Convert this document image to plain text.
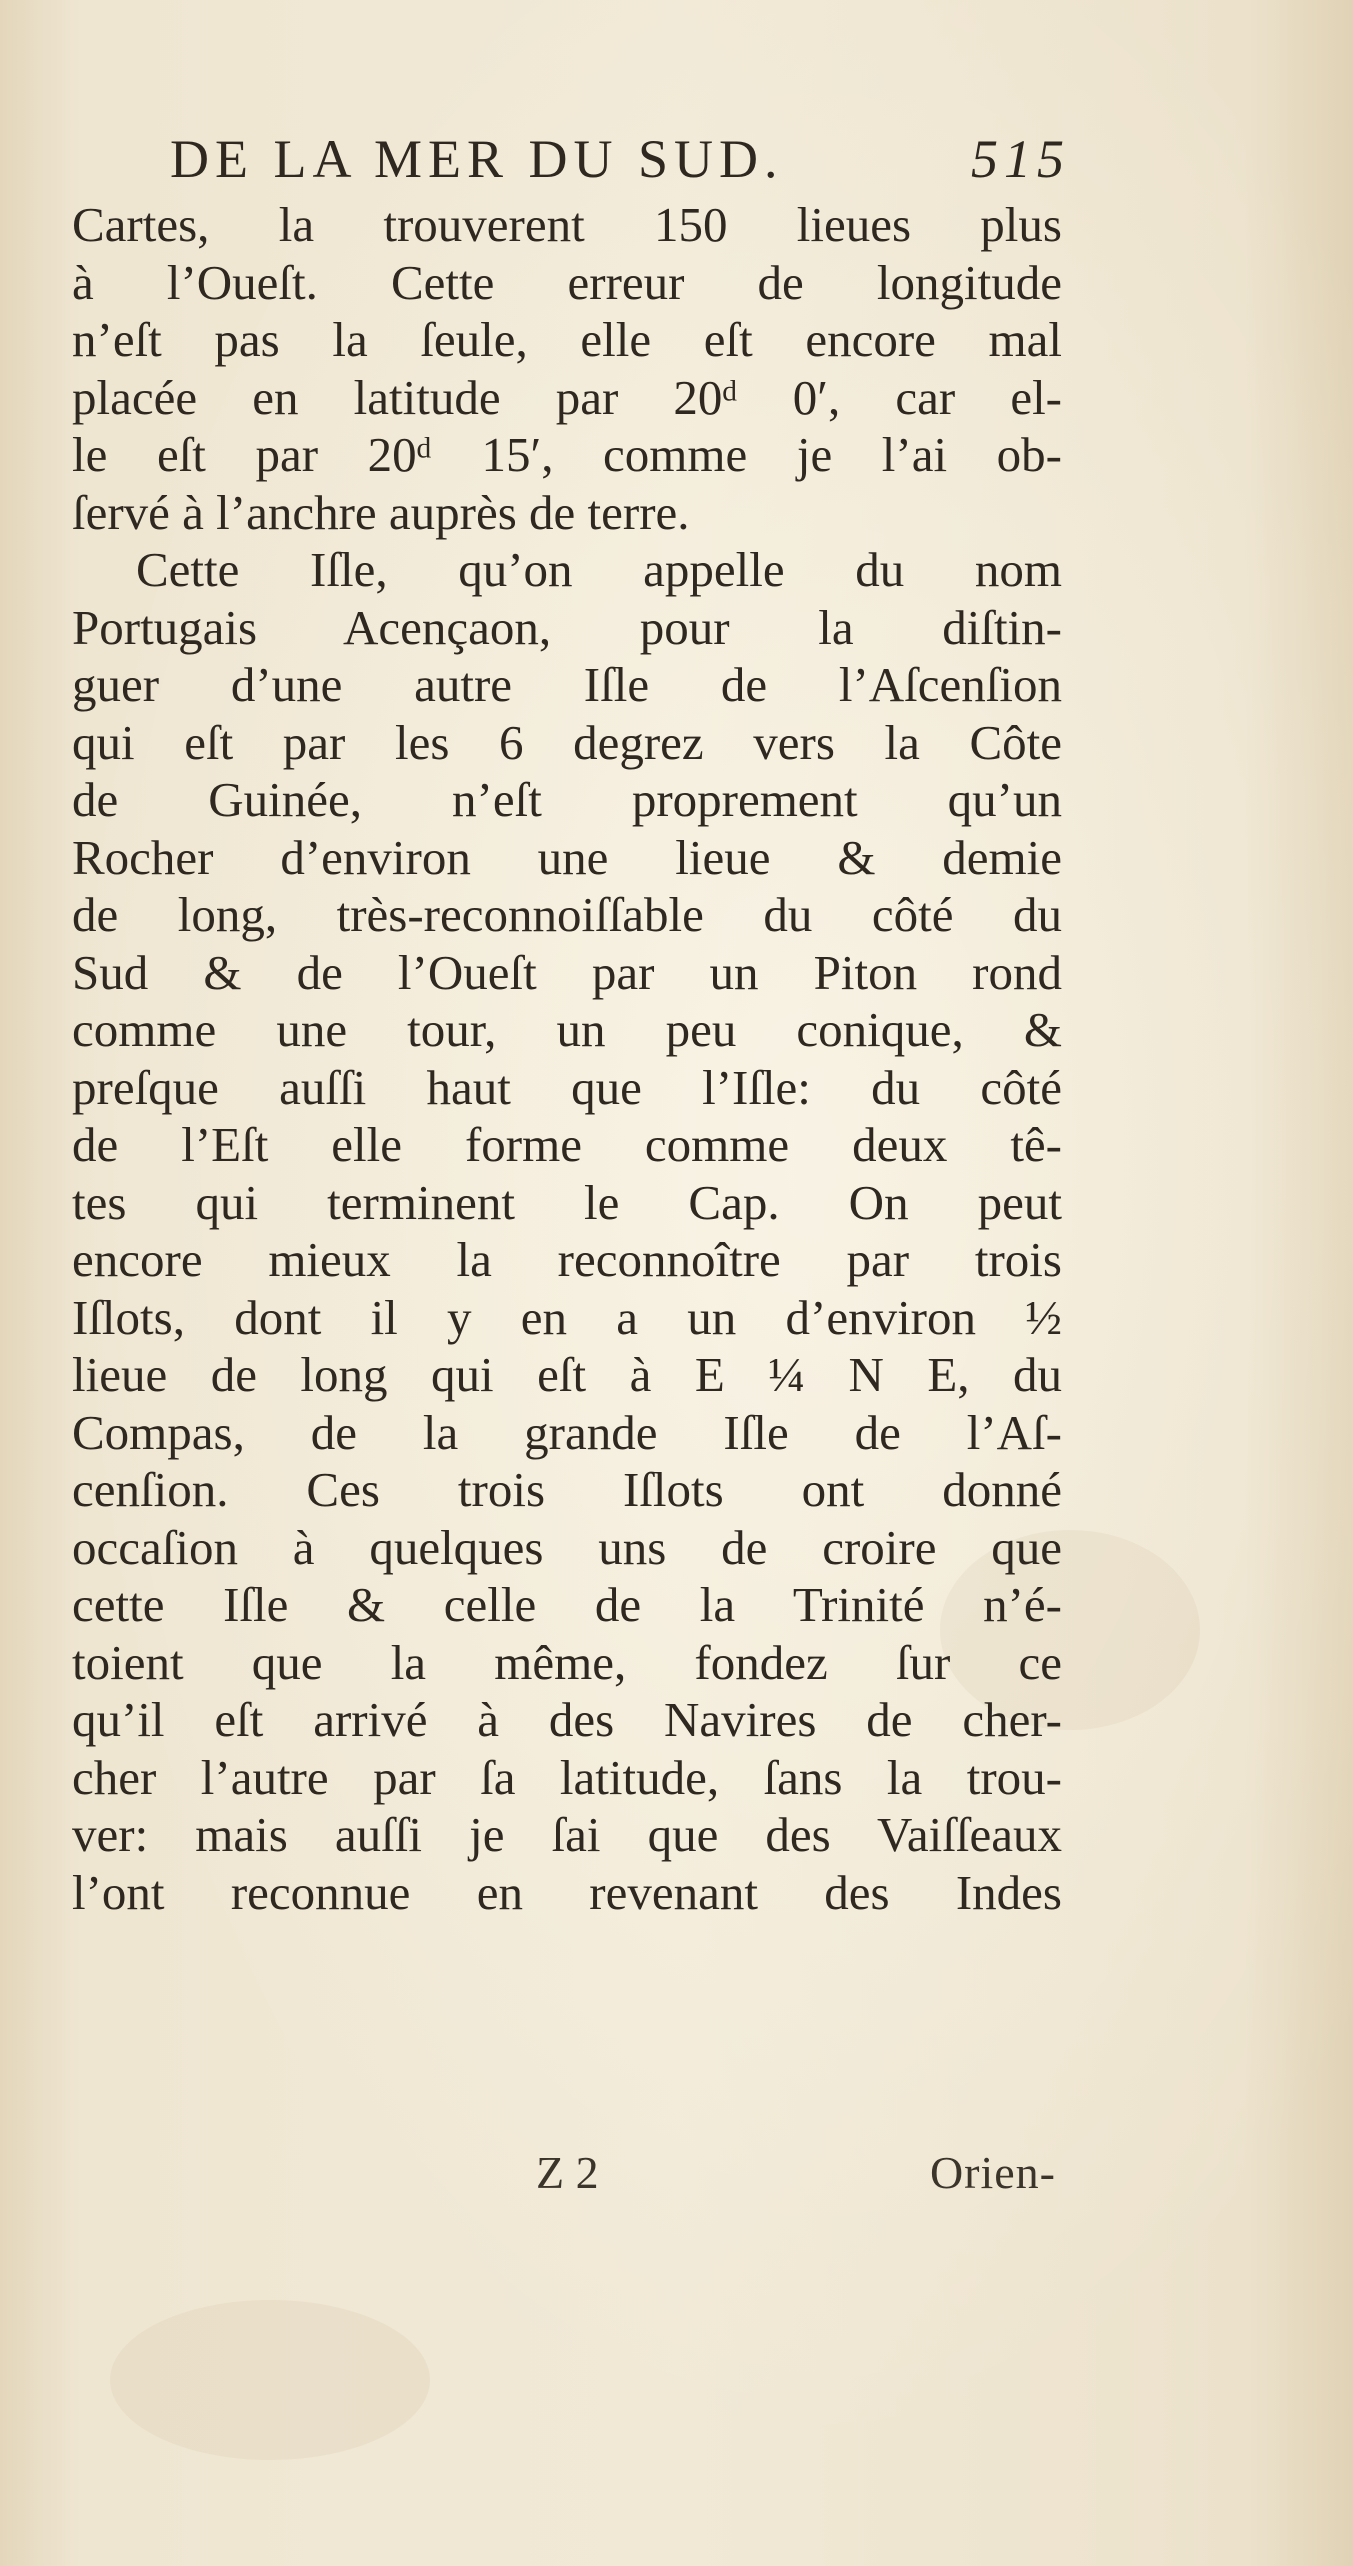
DE LA MER DU SUD.	515
Cartes, la trouverent 150 lieues plus
à l’Oueſt. Cette erreur de longitude
n’eſt pas la ſeule, elle eſt encore mal
placée en latitude par 20ᵈ 0′, car el-
le eſt par 20ᵈ 15′, comme je l’ai ob-
ſervé à l’anchre auprès de terre.
Cette Iſle, qu’on appelle du nom
Portugais Acençaon, pour la diſtin-
guer d’une autre Iſle de l’Aſcenſion
qui eſt par les 6 degrez vers la Côte
de Guinée, n’eſt proprement qu’un
Rocher d’environ une lieue & demie
de long, très-reconnoiſſable du côté du
Sud & de l’Oueſt par un Piton rond
comme une tour, un peu conique, &
preſque auſſi haut que l’Iſle: du côté
de l’Eſt elle forme comme deux tê-
tes qui terminent le Cap. On peut
encore mieux la reconnoître par trois
Iſlots, dont il y en a un d’environ ½
lieue de long qui eſt à E ¼ N E, du
Compas, de la grande Iſle de l’Aſ-
cenſion. Ces trois Iſlots ont donné
occaſion à quelques uns de croire que
cette Iſle & celle de la Trinité n’é-
toient que la même, fondez ſur ce
qu’il eſt arrivé à des Navires de cher-
cher l’autre par ſa latitude, ſans la trou-
ver: mais auſſi je ſai que des Vaiſſeaux
l’ont reconnue en revenant des Indes
Z 2	Orien-
